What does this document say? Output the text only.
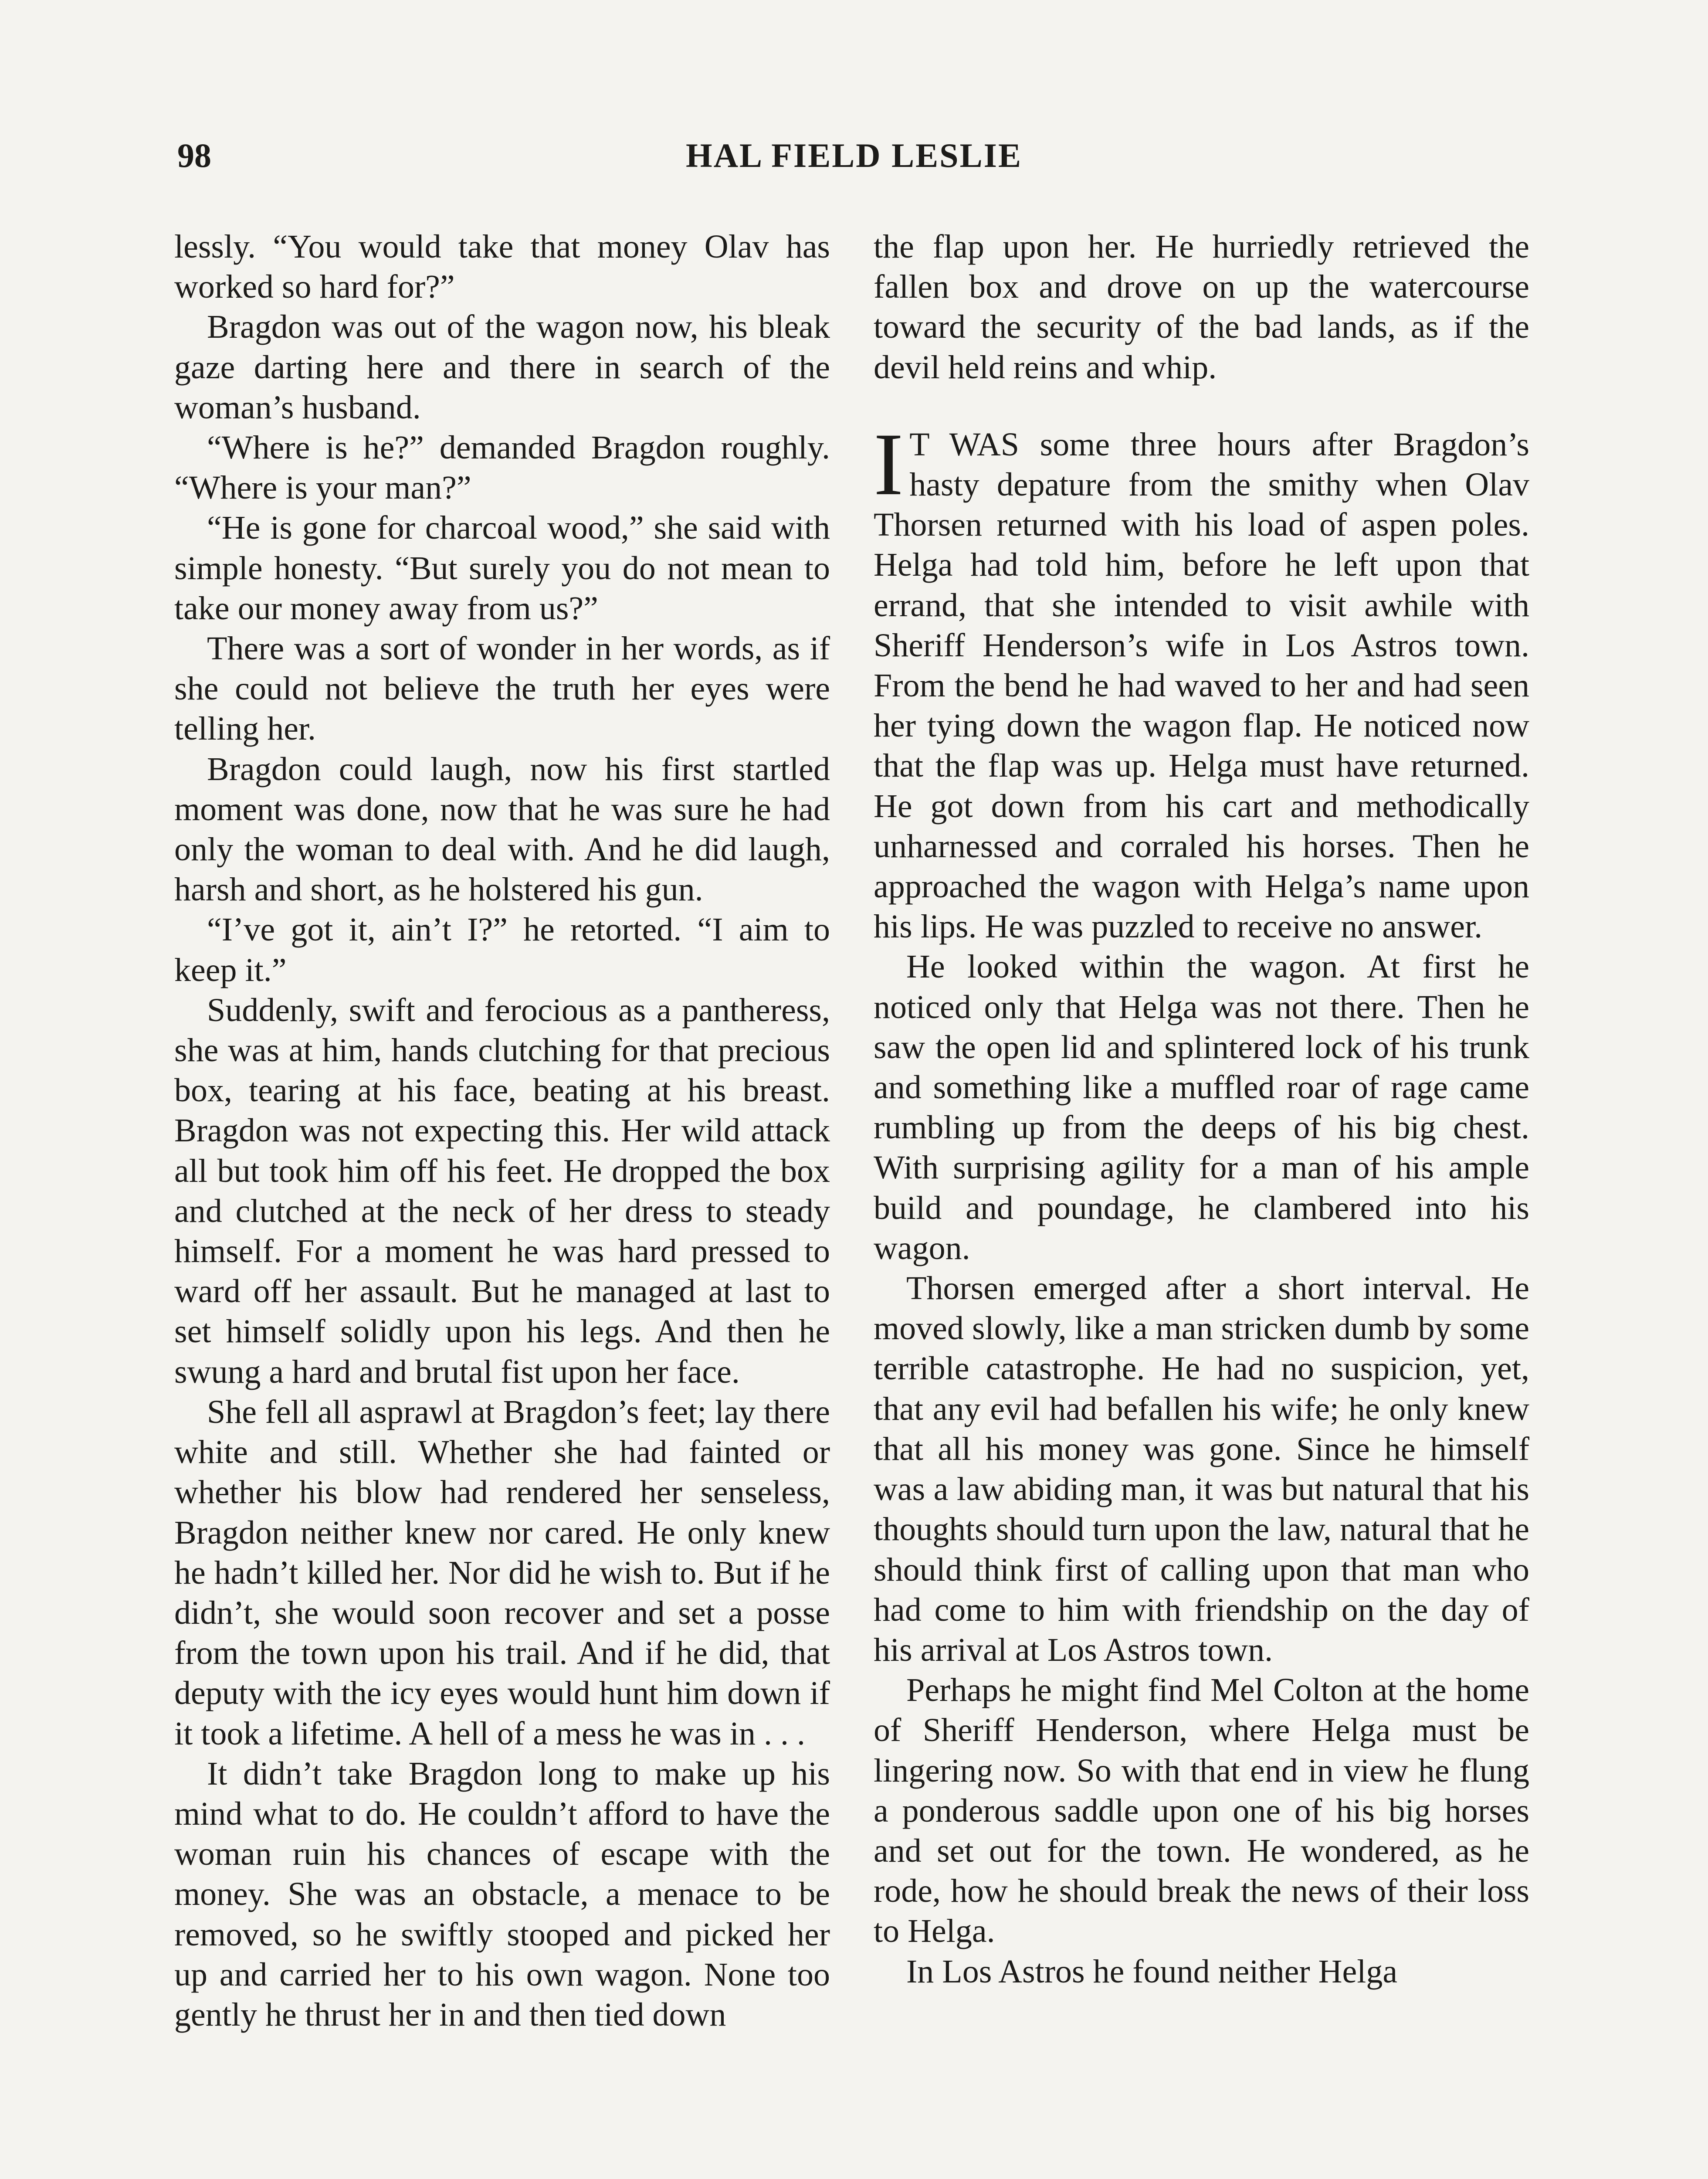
98	HAL FIELD LESLIE

lessly. “You would take that money Olav has worked so hard for?”

Bragdon was out of the wagon now, his bleak gaze darting here and there in search of the woman’s husband.

“Where is he?” demanded Bragdon roughly. “Where is your man?”

“He is gone for charcoal wood,” she said with simple honesty. “But surely you do not mean to take our money away from us?”

There was a sort of wonder in her words, as if she could not believe the truth her eyes were telling her.

Bragdon could laugh, now his first startled moment was done, now that he was sure he had only the woman to deal with. And he did laugh, harsh and short, as he holstered his gun.

“I’ve got it, ain’t I?” he retorted. “I aim to keep it.”

Suddenly, swift and ferocious as a pantheress, she was at him, hands clutching for that precious box, tearing at his face, beating at his breast. Bragdon was not expecting this. Her wild attack all but took him off his feet. He dropped the box and clutched at the neck of her dress to steady himself. For a moment he was hard pressed to ward off her assault. But he managed at last to set himself solidly upon his legs. And then he swung a hard and brutal fist upon her face.

She fell all asprawl at Bragdon’s feet; lay there white and still. Whether she had fainted or whether his blow had rendered her senseless, Bragdon neither knew nor cared. He only knew he hadn’t killed her. Nor did he wish to. But if he didn’t, she would soon recover and set a posse from the town upon his trail. And if he did, that deputy with the icy eyes would hunt him down if it took a lifetime. A hell of a mess he was in . . .

It didn’t take Bragdon long to make up his mind what to do. He couldn’t afford to have the woman ruin his chances of escape with the money. She was an obstacle, a menace to be removed, so he swiftly stooped and picked her up and carried her to his own wagon. None too gently he thrust her in and then tied down

the flap upon her. He hurriedly retrieved the fallen box and drove on up the watercourse toward the security of the bad lands, as if the devil held reins and whip.

I T WAS some three hours after Bragdon’s hasty depature from the smithy when Olav Thorsen returned with his load of aspen poles. Helga had told him, before he left upon that errand, that she intended to visit awhile with Sheriff Henderson’s wife in Los Astros town. From the bend he had waved to her and had seen her tying down the wagon flap. He noticed now that the flap was up. Helga must have returned. He got down from his cart and methodically unharnessed and corraled his horses. Then he approached the wagon with Helga’s name upon his lips. He was puzzled to receive no answer.

He looked within the wagon. At first he noticed only that Helga was not there. Then he saw the open lid and splintered lock of his trunk and something like a muffled roar of rage came rumbling up from the deeps of his big chest. With surprising agility for a man of his ample build and poundage, he clambered into his wagon.

Thorsen emerged after a short interval. He moved slowly, like a man stricken dumb by some terrible catastrophe. He had no suspicion, yet, that any evil had befallen his wife; he only knew that all his money was gone. Since he himself was a law abiding man, it was but natural that his thoughts should turn upon the law, natural that he should think first of calling upon that man who had come to him with friendship on the day of his arrival at Los Astros town.

Perhaps he might find Mel Colton at the home of Sheriff Henderson, where Helga must be lingering now. So with that end in view he flung a ponderous saddle upon one of his big horses and set out for the town. He wondered, as he rode, how he should break the news of their loss to Helga.

In Los Astros he found neither Helga
